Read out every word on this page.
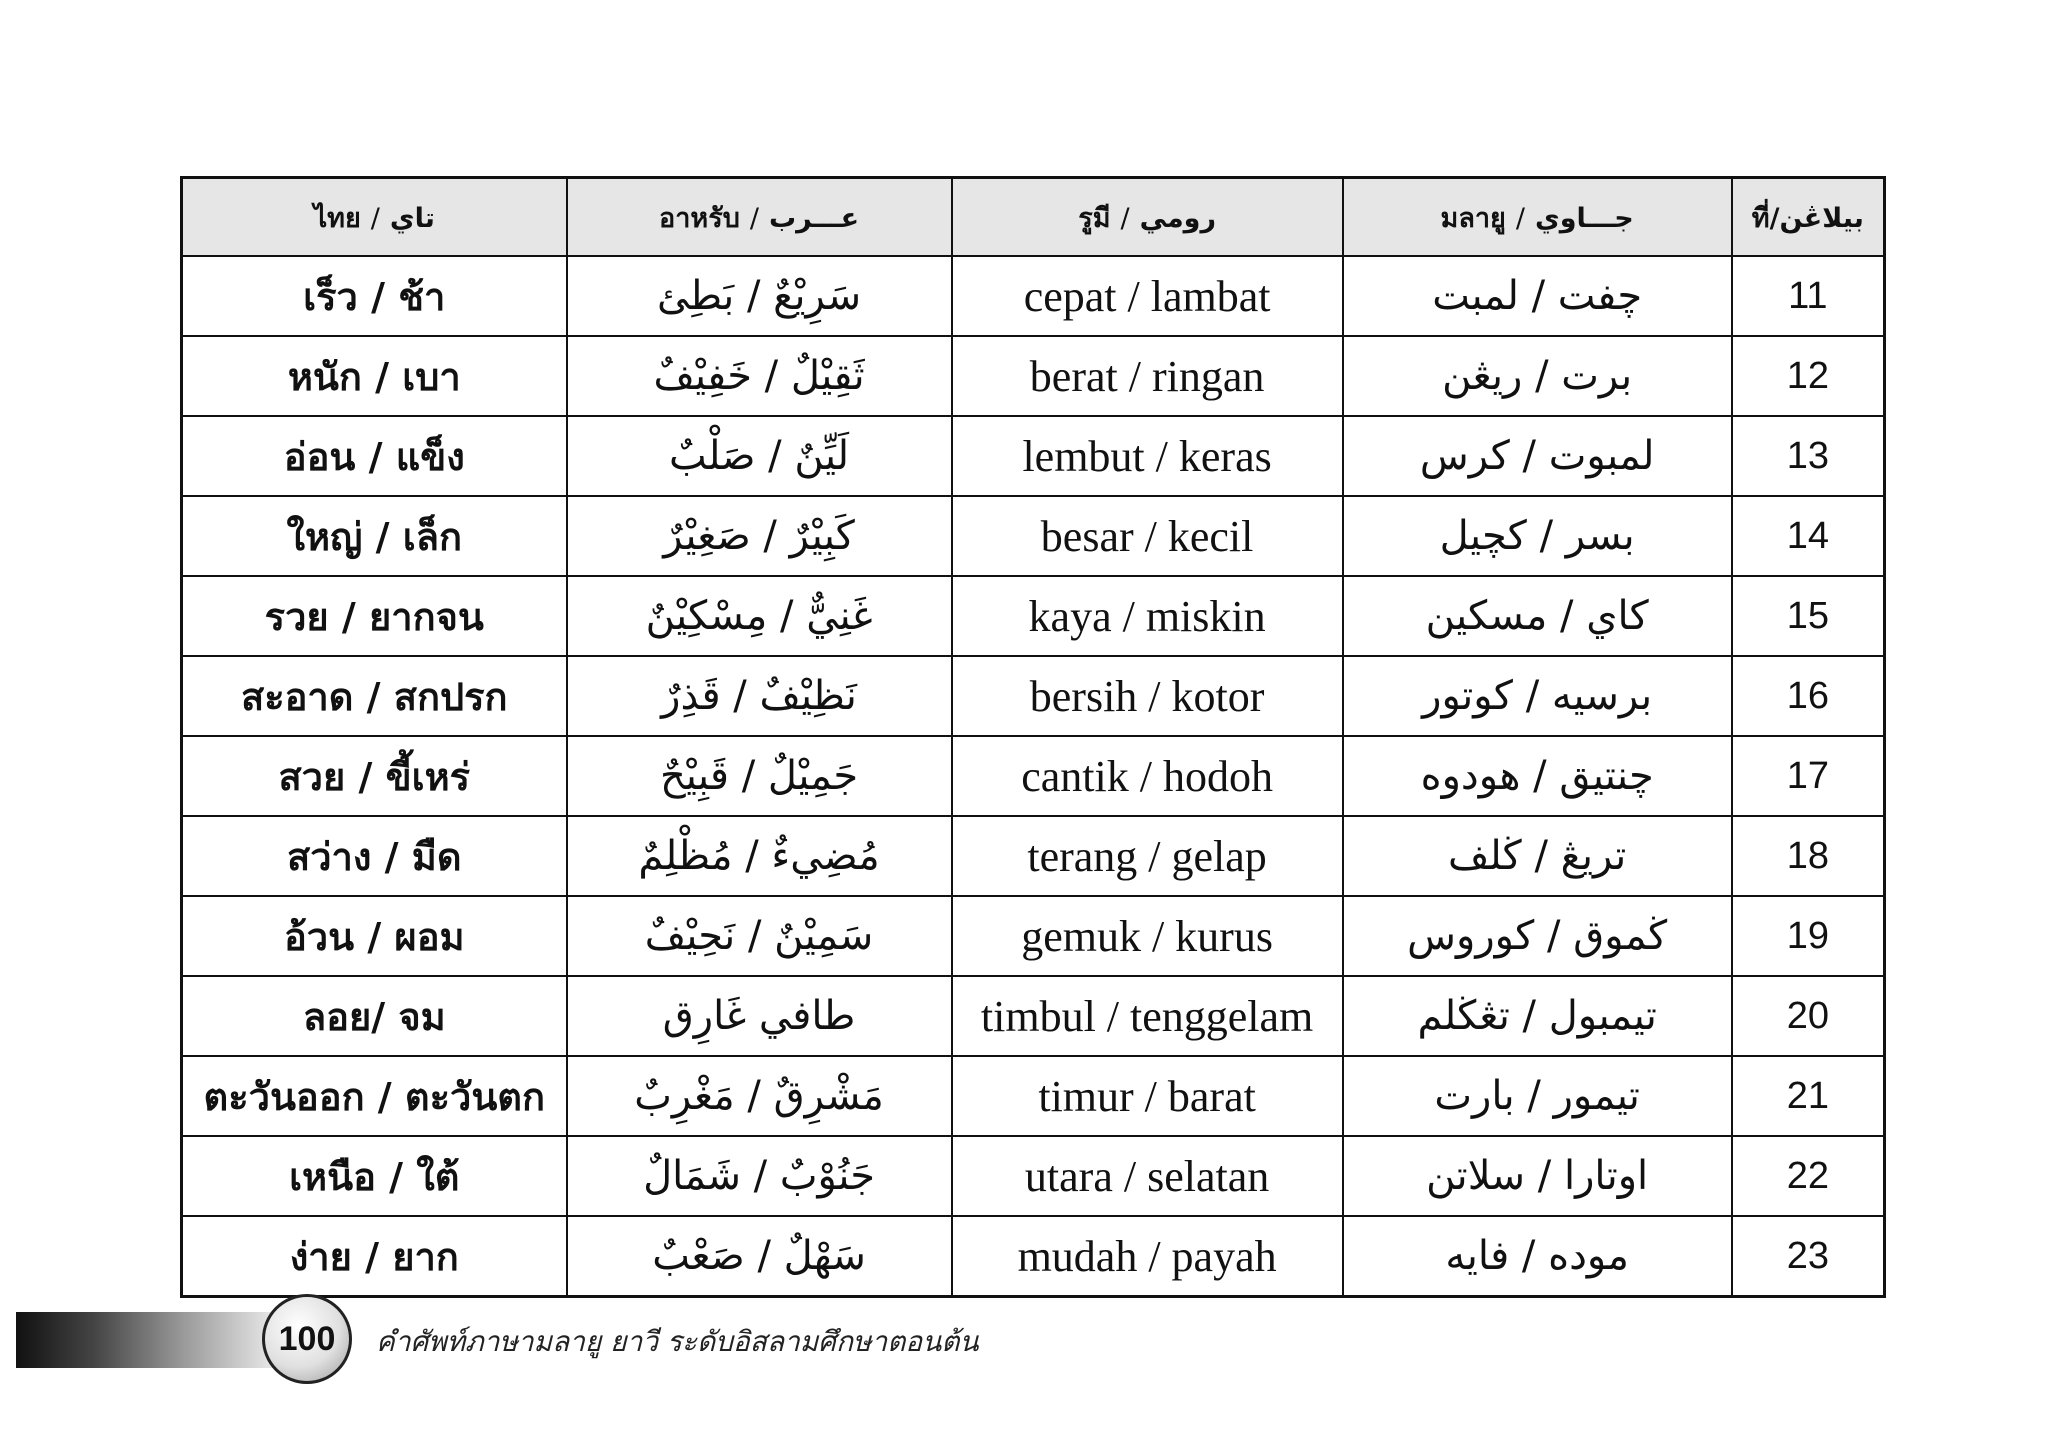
ไทย / تاي	อาหรับ / عـــرب	รูมี / رومي	มลายู / جـــاوي	ที่/بيلاڠن
เร็ว / ช้า	سَرِيْعٌ / بَطِئ	cepat / lambat	چفت / لمبت	11
หนัก / เบา	ثَقِيْلٌ / خَفِيْفٌ	berat / ringan	برت / ريڠن	12
อ่อน / แข็ง	لَيِّنٌ / صَلْبٌ	lembut / keras	لمبوت / كرس	13
ใหญ่ / เล็ก	كَبِيْرٌ / صَغِيْرٌ	besar / kecil	بسر / كچيل	14
รวย / ยากจน	غَنِيٌّ / مِسْكِيْنٌ	kaya / miskin	كاي / مسكين	15
สะอาด / สกปรก	نَظِيْفٌ / قَذِرٌ	bersih / kotor	برسيه / كوتور	16
สวย / ขี้เหร่	جَمِيْلٌ / قَبِيْحٌ	cantik / hodoh	چنتيق / هودوه	17
สว่าง / มืด	مُضِيءٌ / مُظْلِمٌ	terang / gelap	تريڠ / ڬلف	18
อ้วน / ผอม	سَمِيْنٌ / نَحِيْفٌ	gemuk / kurus	ڬموق / كوروس	19
ลอย/ จม	طافي غَارِق	timbul / tenggelam	تيمبول / تڠڬلم	20
ตะวันออก / ตะวันตก	مَشْرِقٌ / مَغْرِبٌ	timur / barat	تيمور / بارت	21
เหนือ / ใต้	جَنُوْبٌ / شَمَالٌ	utara / selatan	اوتارا / سلاتن	22
ง่าย / ยาก	سَهْلٌ / صَعْبٌ	mudah / payah	موده / فايه	23
100 คำศัพท์ภาษามลายู ยาวี ระดับอิสลามศึกษาตอนต้น
